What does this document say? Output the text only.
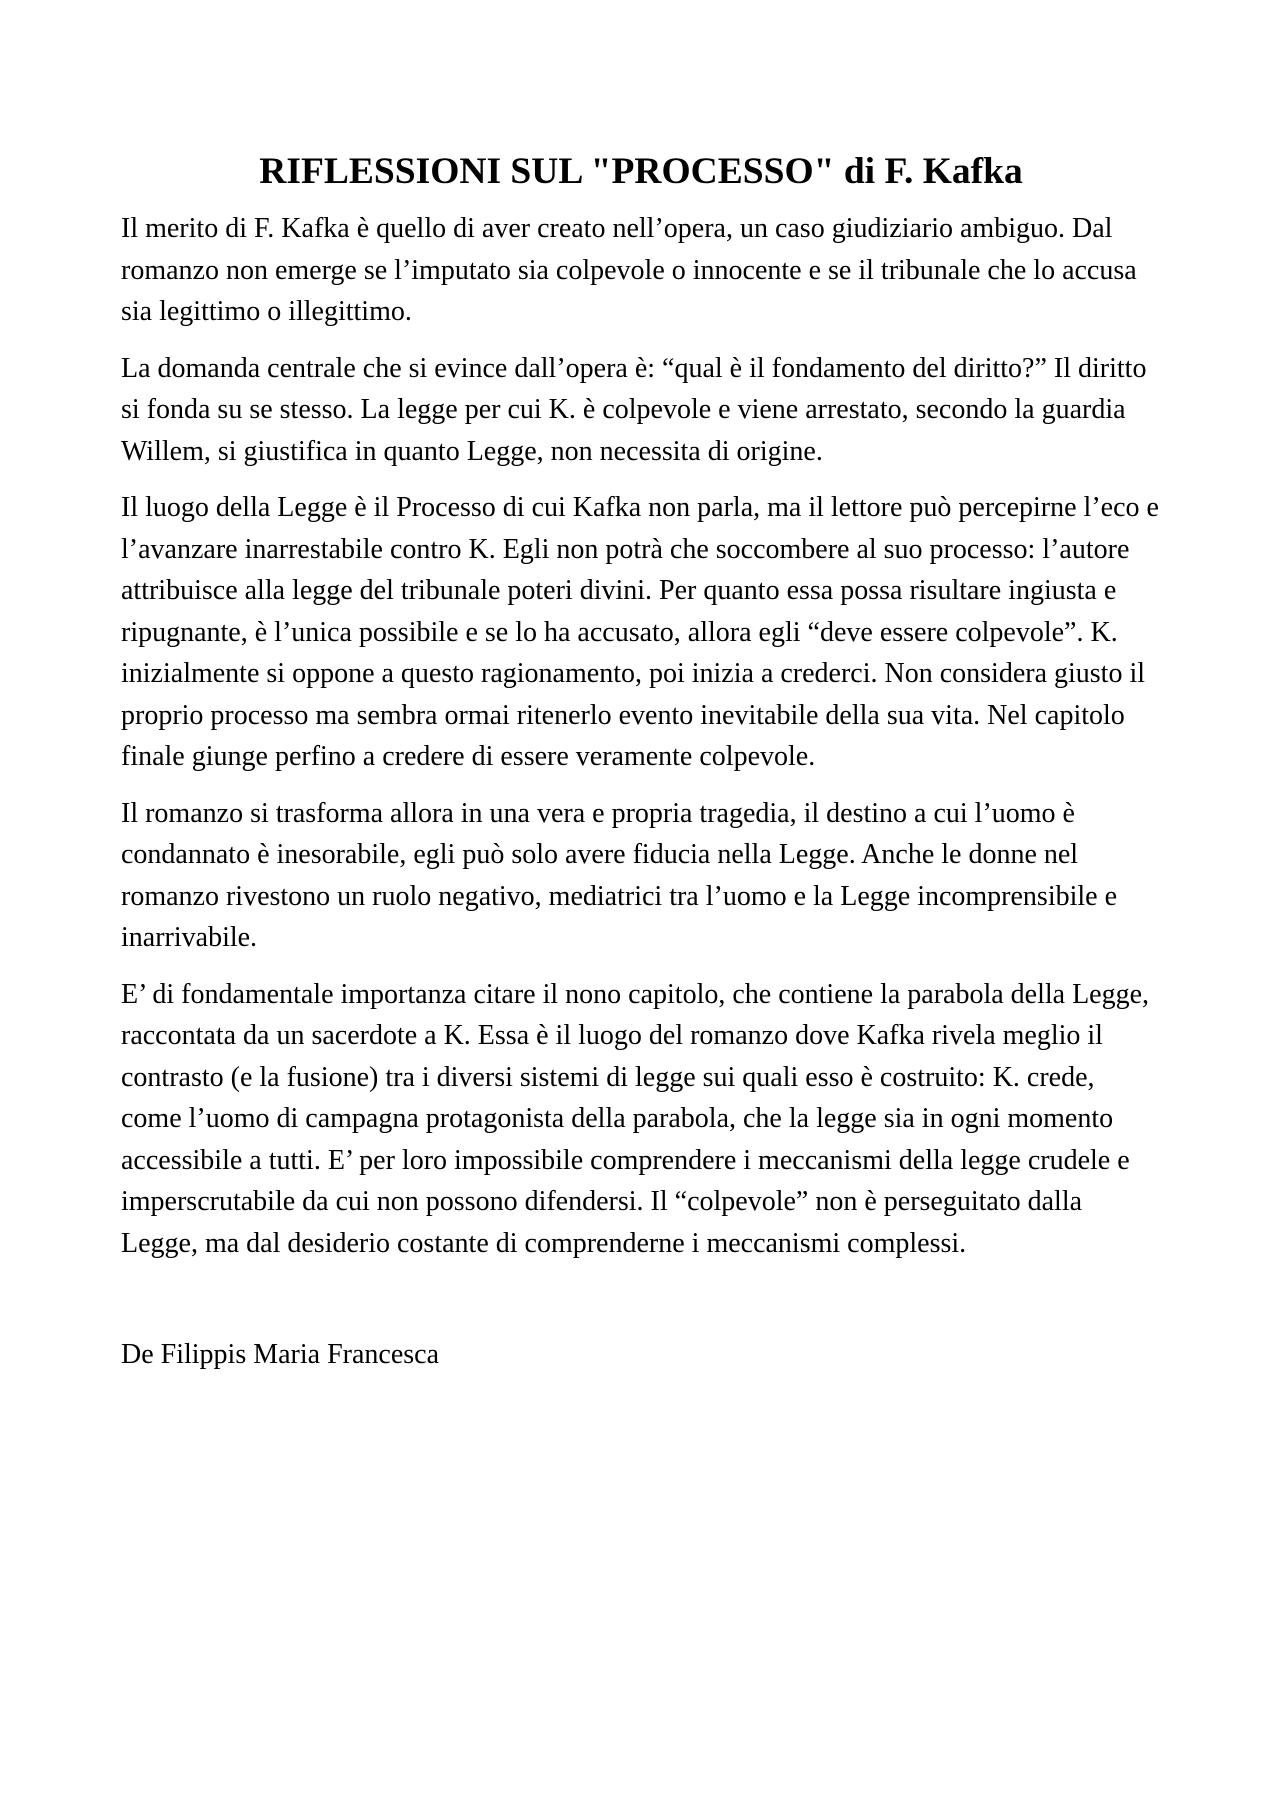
RIFLESSIONI SUL "PROCESSO" di F. Kafka

Il merito di F. Kafka è quello di aver creato nell’opera, un caso giudiziario ambiguo. Dal romanzo non emerge se l’imputato sia colpevole o innocente e se il tribunale che lo accusa sia legittimo o illegittimo.

La domanda centrale che si evince dall’opera è: “qual è il fondamento del diritto?” Il diritto si fonda su se stesso. La legge per cui K. è colpevole e viene arrestato, secondo la guardia Willem, si giustifica in quanto Legge, non necessita di origine.

Il luogo della Legge è il Processo di cui Kafka non parla, ma il lettore può percepirne l’eco e l’avanzare inarrestabile contro K. Egli non potrà che soccombere al suo processo: l’autore attribuisce alla legge del tribunale poteri divini. Per quanto essa possa risultare ingiusta e ripugnante, è l’unica possibile e se lo ha accusato, allora egli “deve essere colpevole”. K. inizialmente si oppone a questo ragionamento, poi inizia a crederci. Non considera giusto il proprio processo ma sembra ormai ritenerlo evento inevitabile della sua vita. Nel capitolo finale giunge perfino a credere di essere veramente colpevole.

Il romanzo si trasforma allora in una vera e propria tragedia, il destino a cui l’uomo è condannato è inesorabile, egli può solo avere fiducia nella Legge. Anche le donne nel romanzo rivestono un ruolo negativo, mediatrici tra l’uomo e la Legge incomprensibile e inarrivabile.

E’ di fondamentale importanza citare il nono capitolo, che contiene la parabola della Legge, raccontata da un sacerdote a K. Essa è il luogo del romanzo dove Kafka rivela meglio il contrasto (e la fusione) tra i diversi sistemi di legge sui quali esso è costruito: K. crede, come l’uomo di campagna protagonista della parabola, che la legge sia in ogni momento accessibile a tutti. E’ per loro impossibile comprendere i meccanismi della legge crudele e imperscrutabile da cui non possono difendersi. Il “colpevole” non è perseguitato dalla Legge, ma dal desiderio costante di comprenderne i meccanismi complessi.

De Filippis Maria Francesca
